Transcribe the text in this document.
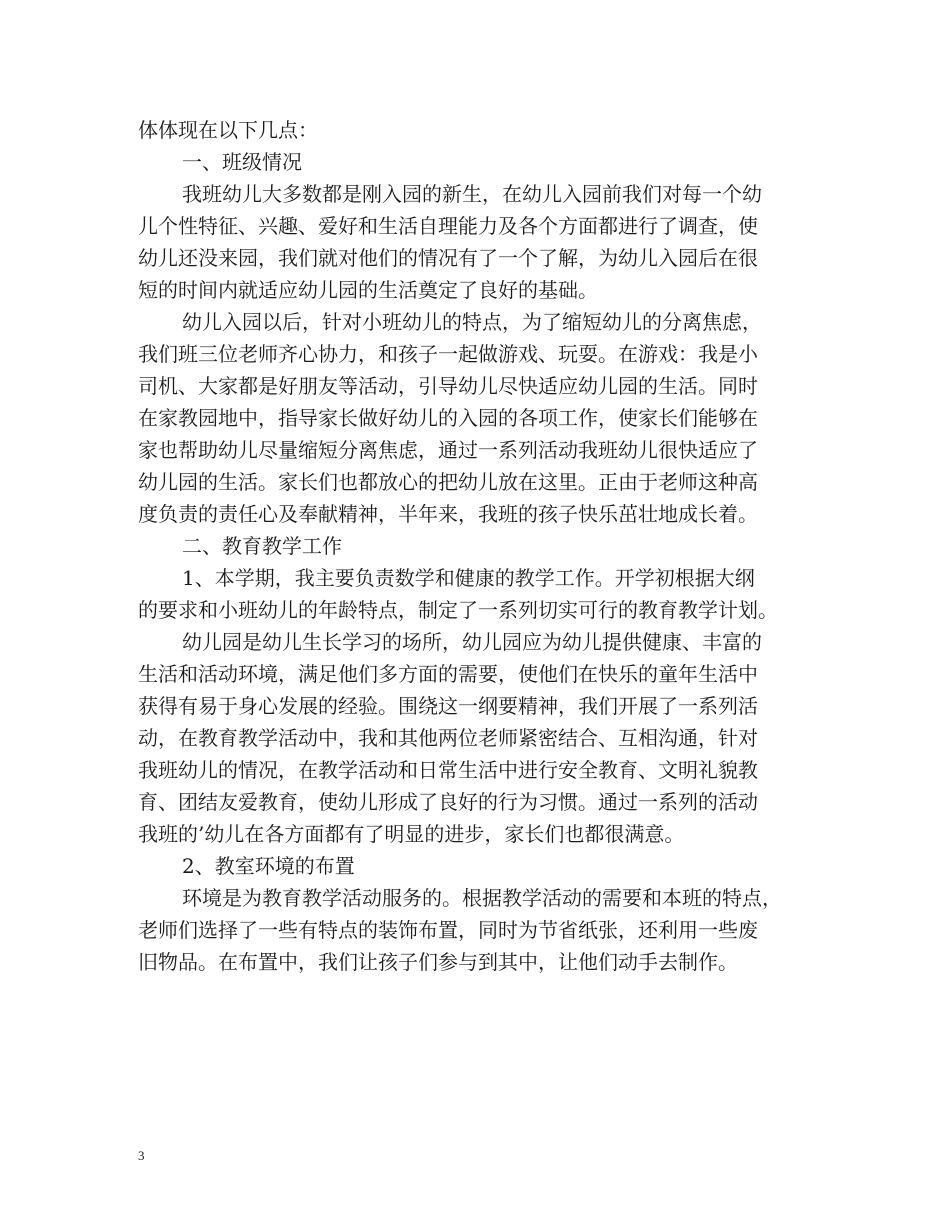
体体现在以下几点：
一、班级情况
我班幼儿大多数都是刚入园的新生，在幼儿入园前我们对每一个幼
儿个性特征、兴趣、爱好和生活自理能力及各个方面都进行了调查，使
幼儿还没来园，我们就对他们的情况有了一个了解，为幼儿入园后在很
短的时间内就适应幼儿园的生活奠定了良好的基础。
幼儿入园以后，针对小班幼儿的特点，为了缩短幼儿的分离焦虑，
我们班三位老师齐心协力，和孩子一起做游戏、玩耍。在游戏：我是小
司机、大家都是好朋友等活动，引导幼儿尽快适应幼儿园的生活。同时
在家教园地中，指导家长做好幼儿的入园的各项工作，使家长们能够在
家也帮助幼儿尽量缩短分离焦虑，通过一系列活动我班幼儿很快适应了
幼儿园的生活。家长们也都放心的把幼儿放在这里。正由于老师这种高
度负责的责任心及奉献精神，半年来，我班的孩子快乐茁壮地成长着。
二、教育教学工作
1、本学期，我主要负责数学和健康的教学工作。开学初根据大纲
的要求和小班幼儿的年龄特点，制定了一系列切实可行的教育教学计划。
幼儿园是幼儿生长学习的场所，幼儿园应为幼儿提供健康、丰富的
生活和活动环境，满足他们多方面的需要，使他们在快乐的童年生活中
获得有易于身心发展的经验。围绕这一纲要精神，我们开展了一系列活
动，在教育教学活动中，我和其他两位老师紧密结合、互相沟通，针对
我班幼儿的情况，在教学活动和日常生活中进行安全教育、文明礼貌教
育、团结友爱教育，使幼儿形成了良好的行为习惯。通过一系列的活动
我班的’幼儿在各方面都有了明显的进步，家长们也都很满意。
2、教室环境的布置
环境是为教育教学活动服务的。根据教学活动的需要和本班的特点，
老师们选择了一些有特点的装饰布置，同时为节省纸张，还利用一些废
旧物品。在布置中，我们让孩子们参与到其中，让他们动手去制作。
3
